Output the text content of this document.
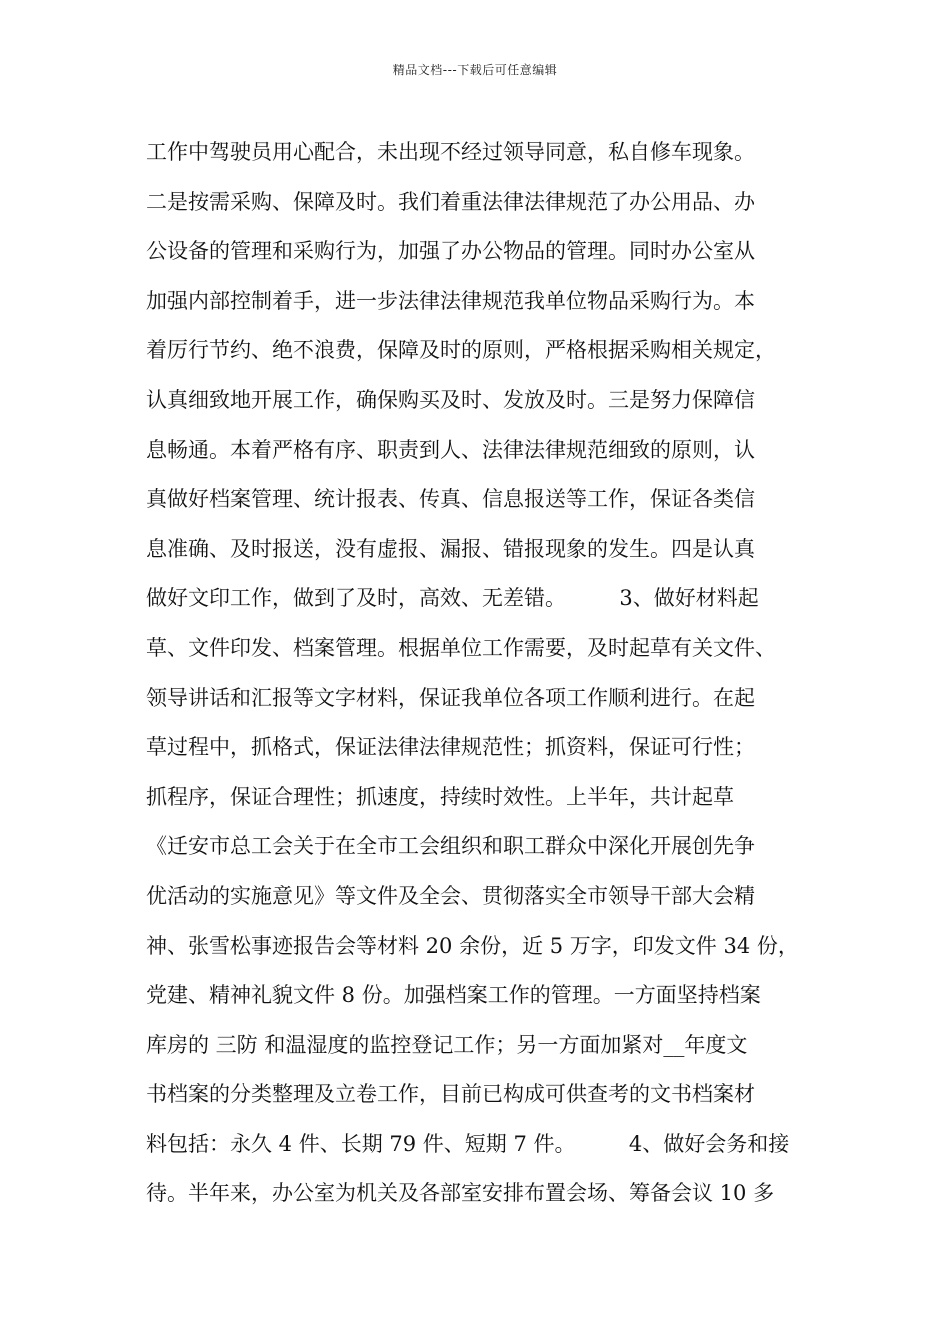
精品文档---下载后可任意编辑
工作中驾驶员用心配合，未出现不经过领导同意，私自修车现象。
二是按需采购、保障及时。我们着重法律法律规范了办公用品、办
公设备的管理和采购行为，加强了办公物品的管理。同时办公室从
加强内部控制着手，进一步法律法律规范我单位物品采购行为。本
着厉行节约、绝不浪费，保障及时的原则，严格根据采购相关规定，
认真细致地开展工作，确保购买及时、发放及时。三是努力保障信
息畅通。本着严格有序、职责到人、法律法律规范细致的原则，认
真做好档案管理、统计报表、传真、信息报送等工作，保证各类信
息准确、及时报送，没有虚报、漏报、错报现象的发生。四是认真
做好文印工作，做到了及时，高效、无差错。        3、做好材料起
草、文件印发、档案管理。根据单位工作需要，及时起草有关文件、
领导讲话和汇报等文字材料，保证我单位各项工作顺利进行。在起
草过程中，抓格式，保证法律法律规范性；抓资料，保证可行性；
抓程序，保证合理性；抓速度，持续时效性。上半年，共计起草
《迁安市总工会关于在全市工会组织和职工群众中深化开展创先争
优活动的实施意见》等文件及全会、贯彻落实全市领导干部大会精
神、张雪松事迹报告会等材料 20 余份，近 5 万字，印发文件 34 份，
党建、精神礼貌文件 8 份。加强档案工作的管理。一方面坚持档案
库房的 三防 和温湿度的监控登记工作；另一方面加紧对__年度文
书档案的分类整理及立卷工作，目前已构成可供查考的文书档案材
料包括：永久 4 件、长期 79 件、短期 7 件。        4、做好会务和接
待。半年来，办公室为机关及各部室安排布置会场、筹备会议 10 多
